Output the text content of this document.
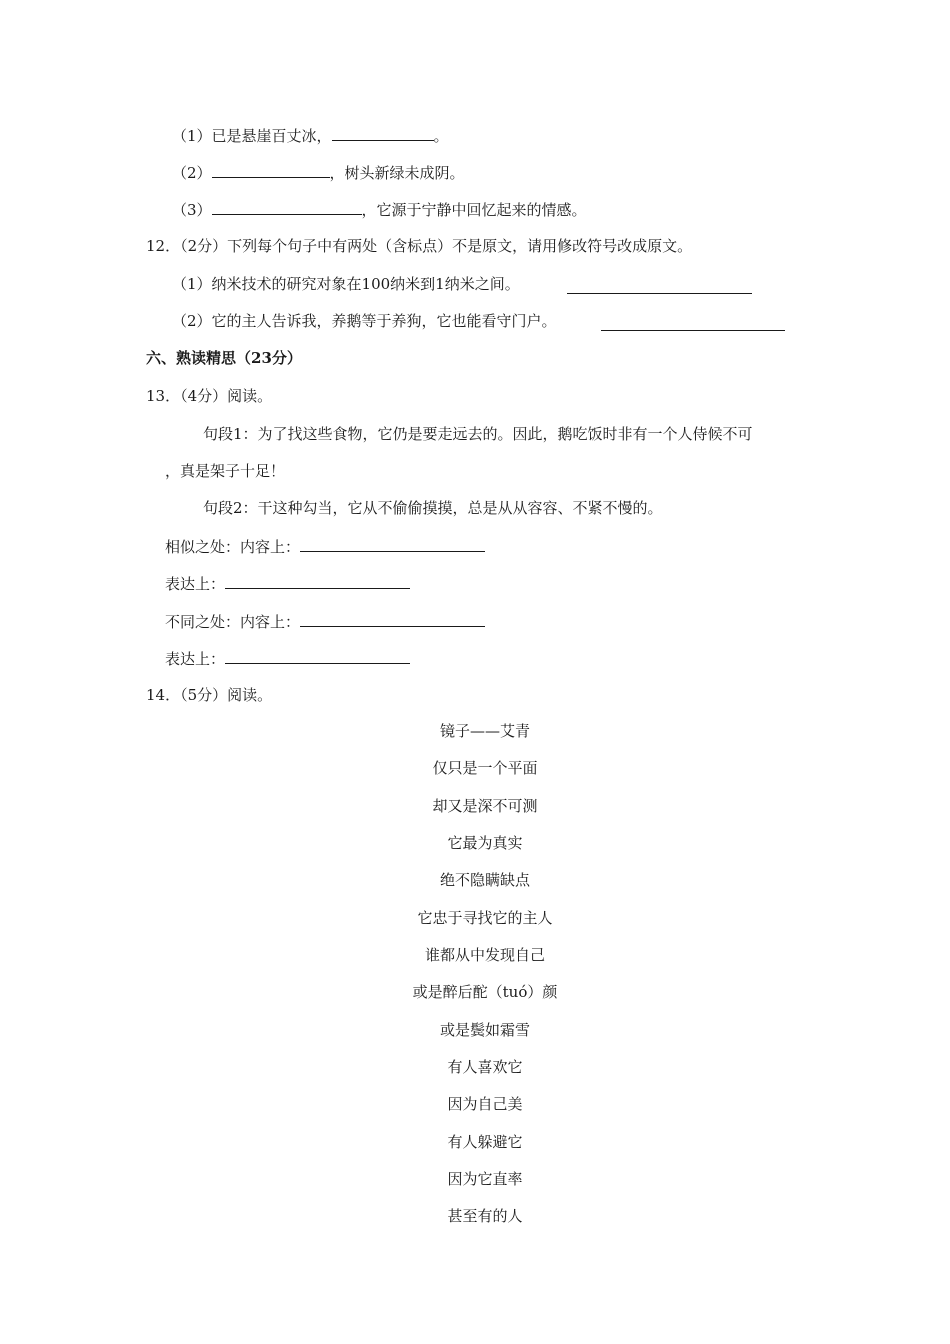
（1）已是悬崖百丈冰，	。
（2）	，树头新绿未成阴。
（3）	，它源于宁静中回忆起来的情感。
12．（2分）下列每个句子中有两处（含标点）不是原文，请用修改符号改成原文。
（1）纳米技术的研究对象在100纳米到1纳米之间。
（2）它的主人告诉我，养鹅等于养狗，它也能看守门户。
六、熟读精思（23分）
13．（4分）阅读。
句段1：为了找这些食物，它仍是要走远去的。因此，鹅吃饭时非有一个人侍候不可
，真是架子十足！
句段2：干这种勾当，它从不偷偷摸摸，总是从从容容、不紧不慢的。
相似之处：内容上：
表达上：
不同之处：内容上：
表达上：
14．（5分）阅读。
镜子——艾青
仅只是一个平面
却又是深不可测
它最为真实
绝不隐瞒缺点
它忠于寻找它的主人
谁都从中发现自己
或是醉后酡（tuó）颜
或是鬓如霜雪
有人喜欢它
因为自己美
有人躲避它
因为它直率
甚至有的人
